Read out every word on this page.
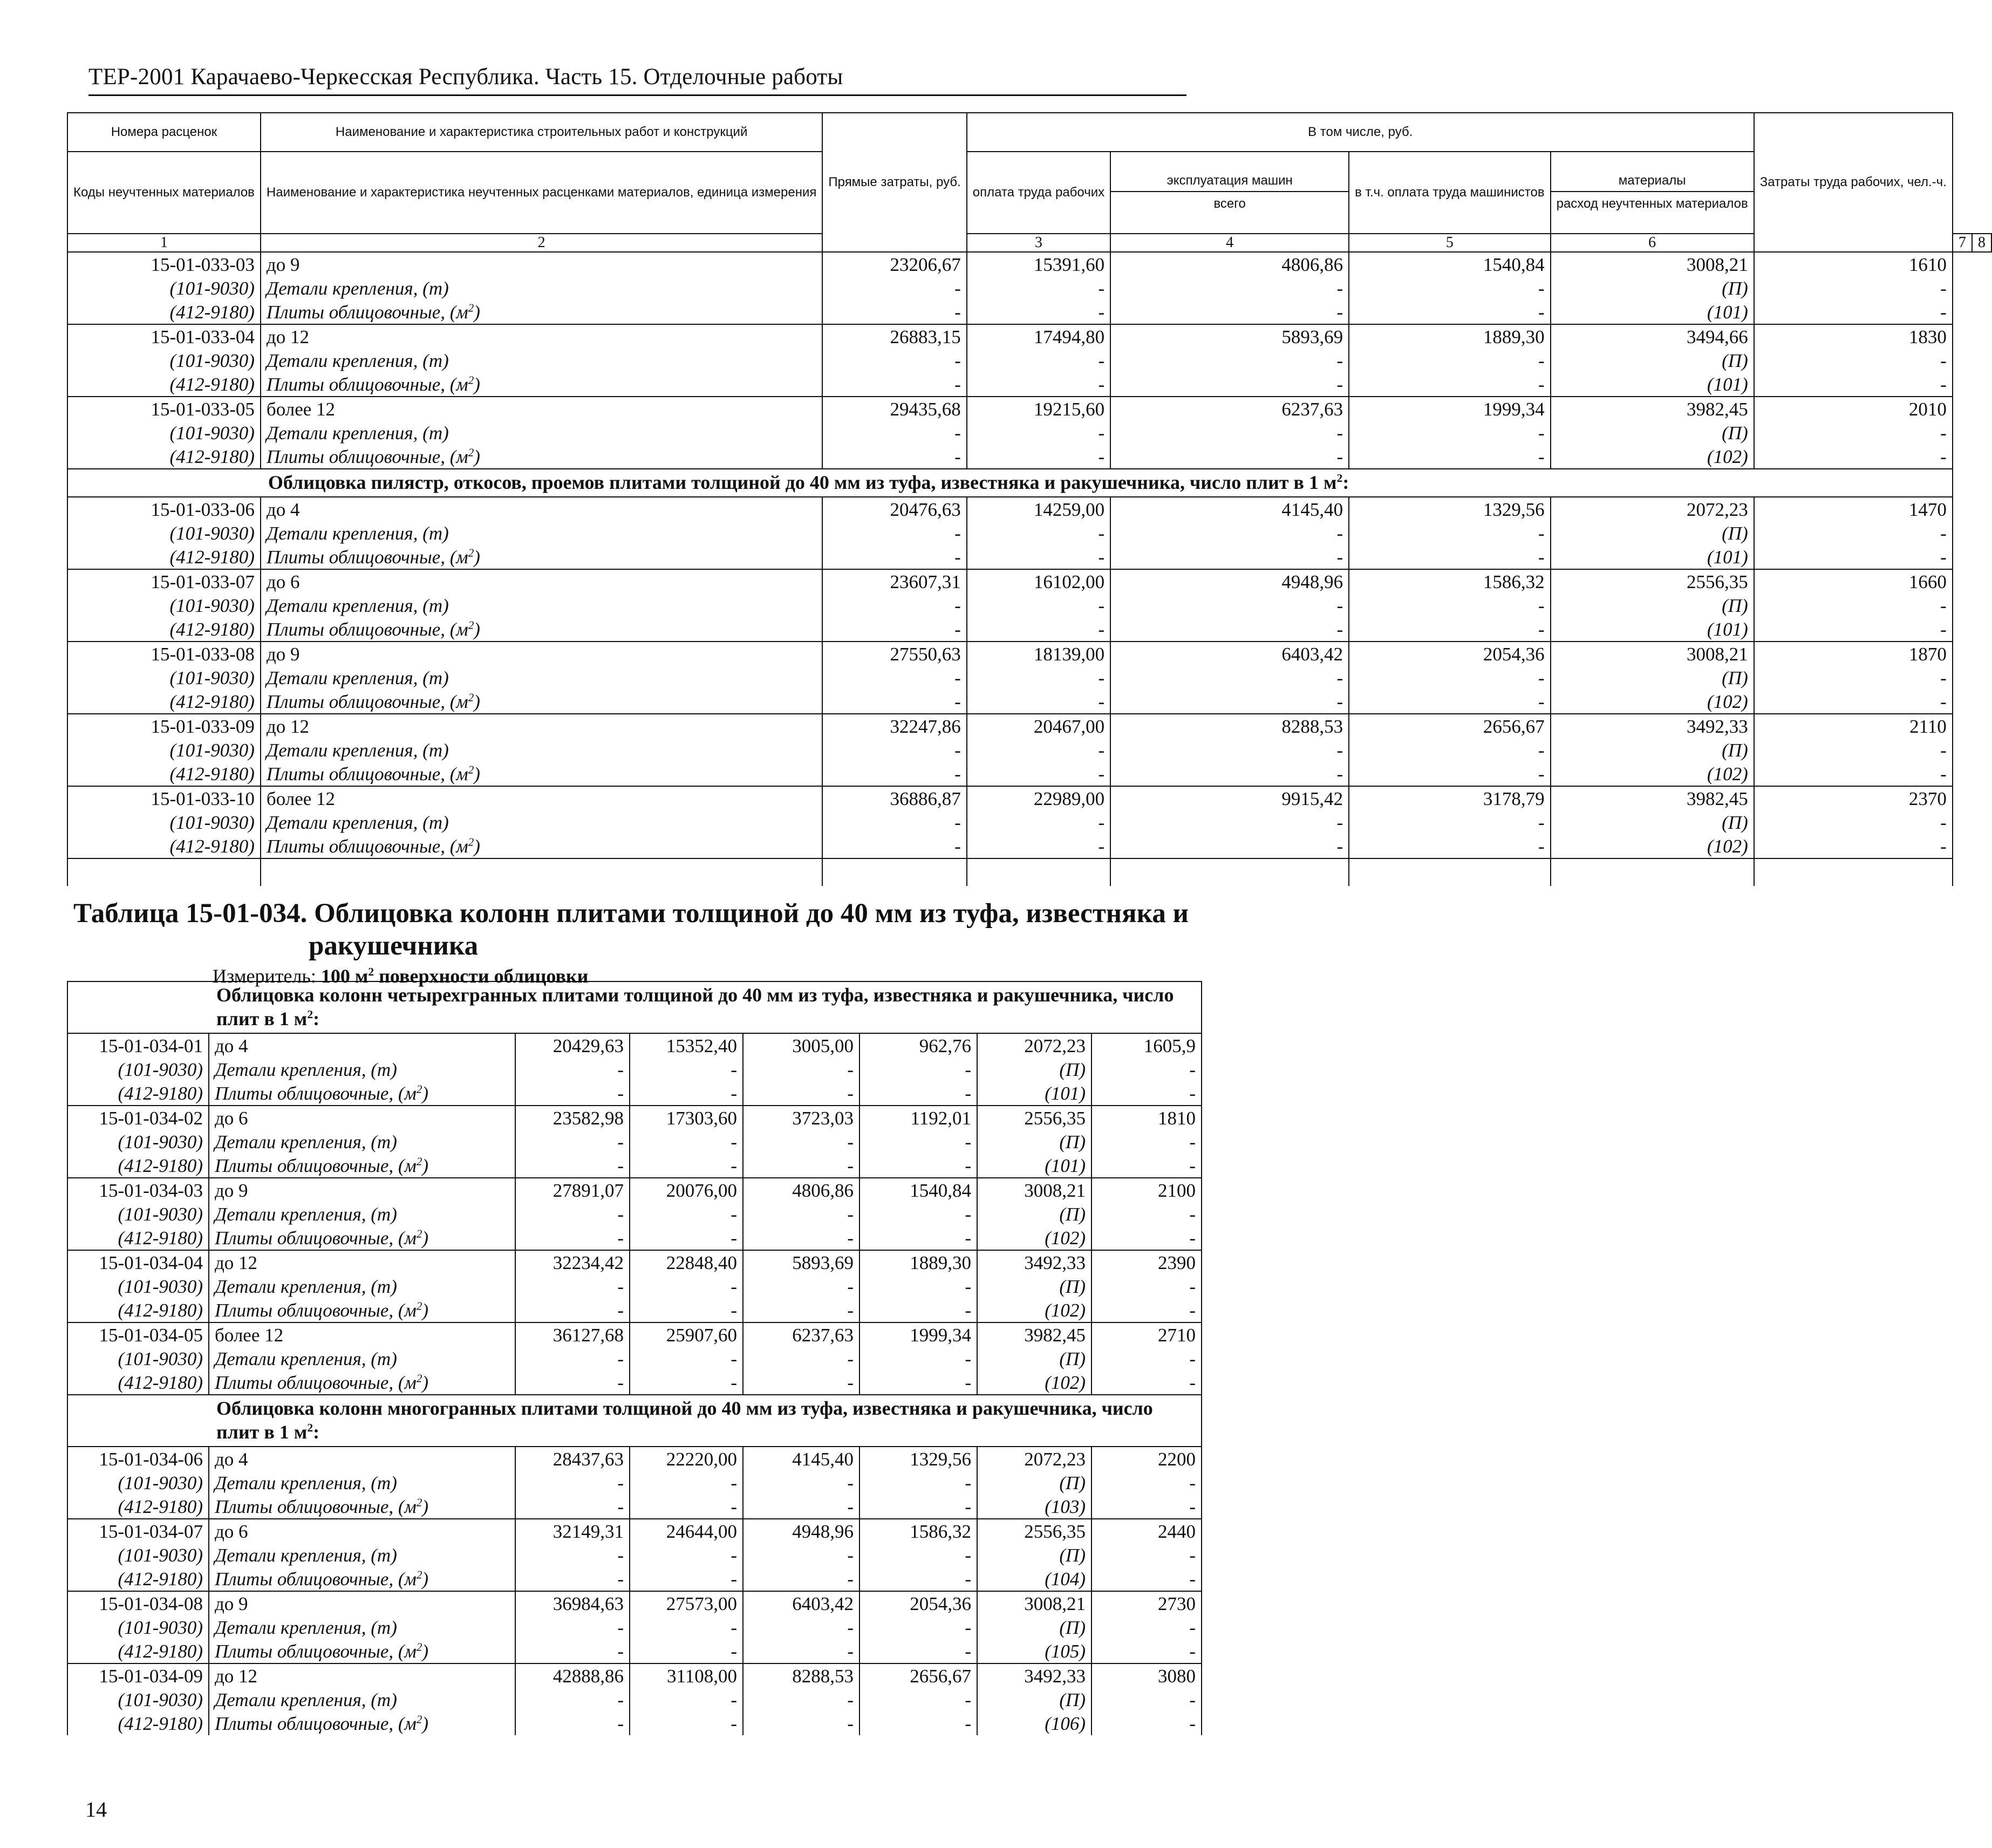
ТЕР-2001 Карачаево-Черкесская Республика. Часть 15. Отделочные работы
Номера расценок	Наименование и характеристика строительных работ и конструкций	Прямые затраты, руб.	В том числе, руб.				Затраты труда рабочих, чел.-ч.		
Коды неучтенных материалов	Наименование и характеристика неучтенных расценками материалов, единица измерения		оплата труда рабочих	эксплуатация машин
всего	в т.ч. оплата труда машинистов	материалы
расход неучтенных материалов			
1	2		3	4	5	6		7	8
15-01-033-03	до 9	23206,67	15391,60	4806,86	1540,84	3008,21	1610		
(101-9030)	Детали крепления, (т)	-	-	-	-	(П)	-		
(412-9180)	Плиты облицовочные, $(м^2)$	-	-	-	-	(101)	-		
15-01-033-04	до 12	26883,15	17494,80	5893,69	1889,30	3494,66	1830		
(101-9030)	Детали крепления, (т)	-	-	-	-	(П)	-		
(412-9180)	Плиты облицовочные, $(м^2)$	-	-	-	-	(101)	-		
15-01-033-05	более 12	29435,68	19215,60	6237,63	1999,34	3982,45	2010		
(101-9030)	Детали крепления, (т)	-	-	-	-	(П)	-		
(412-9180)	Плиты облицовочные, $(м^2)$	-	-	-	-	(102)	-		
	Облицовка пилястр, откосов, проемов плитами толщиной до 40 мм из туфа, известняка и ракушечника, число плит в 1 $м^2$:								
15-01-033-06	до 4	20476,63	14259,00	4145,40	1329,56	2072,23	1470		
(101-9030)	Детали крепления, (т)	-	-	-	-	(П)	-		
(412-9180)	Плиты облицовочные, $(м^2)$	-	-	-	-	(101)	-		
15-01-033-07	до 6	23607,31	16102,00	4948,96	1586,32	2556,35	1660		
(101-9030)	Детали крепления, (т)	-	-	-	-	(П)	-		
(412-9180)	Плиты облицовочные, $(м^2)$	-	-	-	-	(101)	-		
15-01-033-08	до 9	27550,63	18139,00	6403,42	2054,36	3008,21	1870		
(101-9030)	Детали крепления, (т)	-	-	-	-	(П)	-		
(412-9180)	Плиты облицовочные, $(м^2)$	-	-	-	-	(102)	-		
15-01-033-09	до 12	32247,86	20467,00	8288,53	2656,67	3492,33	2110		
(101-9030)	Детали крепления, (т)	-	-	-	-	(П)	-		
(412-9180)	Плиты облицовочные, $(м^2)$	-	-	-	-	(102)	-		
15-01-033-10	более 12	36886,87	22989,00	9915,42	3178,79	3982,45	2370		
(101-9030)	Детали крепления, (т)	-	-	-	-	(П)	-		
(412-9180)	Плиты облицовочные, $(м^2)$	-	-	-	-	(102)	-		

Таблица 15-01-034. Облицовка колонн плитами толщиной до 40 мм из туфа, известняка и
ракушечника
Измеритель: 100 $м^2$ поверхности облицовки
	Облицовка колонн четырехгранных плитами толщиной до 40 мм из туфа, известняка и ракушечника, число плит в 1 $м^2$:						
15-01-034-01	до 4	20429,63	15352,40	3005,00	962,76	2072,23	1605,9
(101-9030)	Детали крепления, (т)	-	-	-	-	(П)	-
(412-9180)	Плиты облицовочные, $(м^2)$	-	-	-	-	(101)	-
15-01-034-02	до 6	23582,98	17303,60	3723,03	1192,01	2556,35	1810
(101-9030)	Детали крепления, (т)	-	-	-	-	(П)	-
(412-9180)	Плиты облицовочные, $(м^2)$	-	-	-	-	(101)	-
15-01-034-03	до 9	27891,07	20076,00	4806,86	1540,84	3008,21	2100
(101-9030)	Детали крепления, (т)	-	-	-	-	(П)	-
(412-9180)	Плиты облицовочные, $(м^2)$	-	-	-	-	(102)	-
15-01-034-04	до 12	32234,42	22848,40	5893,69	1889,30	3492,33	2390
(101-9030)	Детали крепления, (т)	-	-	-	-	(П)	-
(412-9180)	Плиты облицовочные, $(м^2)$	-	-	-	-	(102)	-
15-01-034-05	более 12	36127,68	25907,60	6237,63	1999,34	3982,45	2710
(101-9030)	Детали крепления, (т)	-	-	-	-	(П)	-
(412-9180)	Плиты облицовочные, $(м^2)$	-	-	-	-	(102)	-
	Облицовка колонн многогранных плитами толщиной до 40 мм из туфа, известняка и ракушечника, число плит в 1 $м^2$:						
15-01-034-06	до 4	28437,63	22220,00	4145,40	1329,56	2072,23	2200
(101-9030)	Детали крепления, (т)	-	-	-	-	(П)	-
(412-9180)	Плиты облицовочные, $(м^2)$	-	-	-	-	(103)	-
15-01-034-07	до 6	32149,31	24644,00	4948,96	1586,32	2556,35	2440
(101-9030)	Детали крепления, (т)	-	-	-	-	(П)	-
(412-9180)	Плиты облицовочные, $(м^2)$	-	-	-	-	(104)	-
15-01-034-08	до 9	36984,63	27573,00	6403,42	2054,36	3008,21	2730
(101-9030)	Детали крепления, (т)	-	-	-	-	(П)	-
(412-9180)	Плиты облицовочные, $(м^2)$	-	-	-	-	(105)	-
15-01-034-09	до 12	42888,86	31108,00	8288,53	2656,67	3492,33	3080
(101-9030)	Детали крепления, (т)	-	-	-	-	(П)	-
(412-9180)	Плиты облицовочные, $(м^2)$	-	-	-	-	(106)	-
14
